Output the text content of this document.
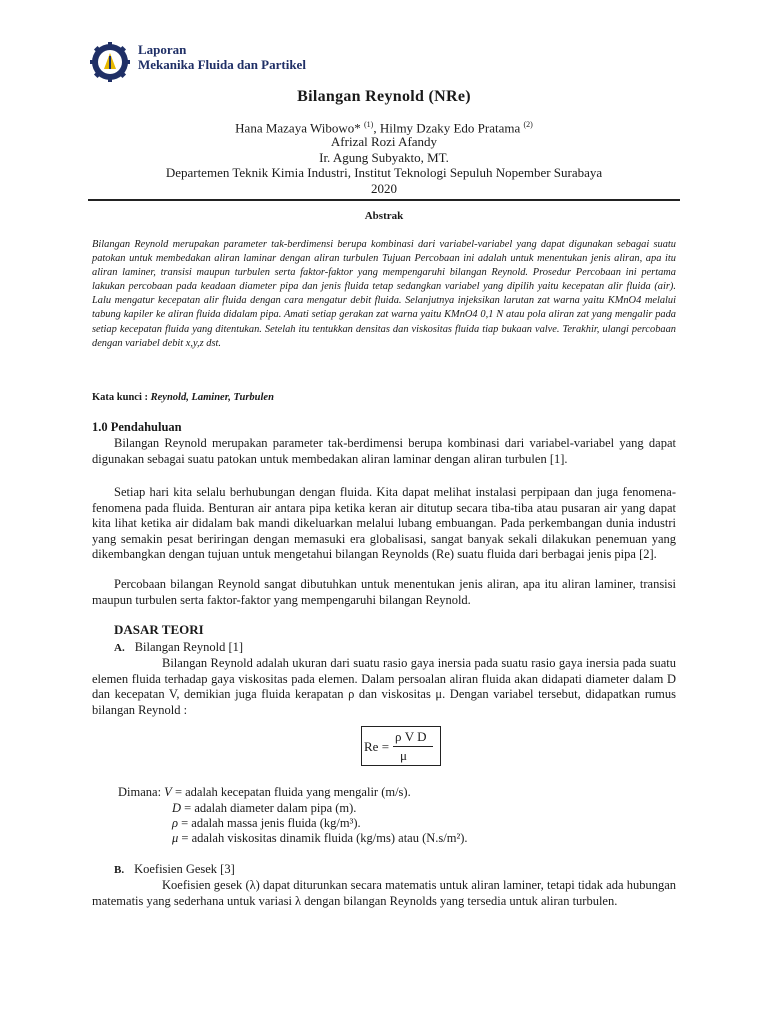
Laporan
Mekanika Fluida dan Partikel
Bilangan Reynold (NRe)
Hana Mazaya Wibowo* $^{(1)}$, Hilmy Dzaky Edo Pratama $^{(2)}$
Afrizal Rozi Afandy
Ir. Agung Subyakto, MT.
Departemen Teknik Kimia Industri, Institut Teknologi Sepuluh Nopember Surabaya
2020
Abstrak
Bilangan Reynold merupakan parameter tak-berdimensi berupa kombinasi dari variabel-variabel yang dapat digunakan sebagai suatu patokan untuk membedakan aliran laminar dengan aliran turbulen Tujuan Percobaan ini adalah untuk menentukan jenis aliran, apa itu aliran laminer, transisi maupun turbulen serta faktor-faktor yang mempengaruhi bilangan Reynold. Prosedur Percobaan ini pertama lakukan percobaan pada keadaan diameter pipa dan jenis fluida tetap sedangkan variabel yang dipilih yaitu kecepatan alir fluida (air). Lalu mengatur kecepatan alir fluida dengan cara mengatur debit fluida. Selanjutnya injeksikan larutan zat warna yaitu KMnO4 melalui tabung kapiler ke aliran fluida didalam pipa. Amati setiap gerakan zat warna yaitu KMnO4 0,1 N atau pola aliran zat yang mengalir pada setiap kecepatan fluida yang ditentukan. Setelah itu tentukkan densitas dan viskositas fluida tiap bukaan valve. Terakhir, ulangi percobaan dengan variabel debit x,y,z dst.
Kata kunci : Reynold, Laminer, Turbulen
1.0 Pendahuluan
Bilangan Reynold merupakan parameter tak-berdimensi berupa kombinasi dari variabel-variabel yang dapat digunakan sebagai suatu patokan untuk membedakan aliran laminar dengan aliran turbulen [1].
Setiap hari kita selalu berhubungan dengan fluida. Kita dapat melihat instalasi perpipaan dan juga fenomena-fenomena pada fluida. Benturan air antara pipa ketika keran air ditutup secara tiba-tiba atau pusaran air yang dapat kita lihat ketika air didalam bak mandi dikeluarkan melalui lubang embuangan. Pada perkembangan dunia industri yang semakin pesat beriringan dengan memasuki era globalisasi, sangat banyak sekali dilakukan penemuan yang dikembangkan dengan tujuan untuk mengetahui bilangan Reynolds (Re) suatu fluida dari berbagai jenis pipa [2].
Percobaan bilangan Reynold sangat dibutuhkan untuk menentukan jenis aliran, apa itu aliran laminer, transisi maupun turbulen serta faktor-faktor yang mempengaruhi bilangan Reynold.
DASAR TEORI
A. Bilangan Reynold [1]
Bilangan Reynold adalah ukuran dari suatu rasio gaya inersia pada suatu rasio gaya inersia pada suatu elemen fluida terhadap gaya viskositas pada elemen. Dalam persoalan aliran fluida akan didapati diameter dalam D dan kecepatan V, demikian juga fluida kerapatan ρ dan viskositas μ. Dengan variabel tersebut, didapatkan rumus bilangan Reynold :
Re =
ρ V D
μ
Dimana: V = adalah kecepatan fluida yang mengalir (m/s).
D = adalah diameter dalam pipa (m).
ρ = adalah massa jenis fluida (kg/m³).
μ = adalah viskositas dinamik fluida (kg/ms) atau (N.s/m²).
B. Koefisien Gesek [3]
Koefisien gesek (λ) dapat diturunkan secara matematis untuk aliran laminer, tetapi tidak ada hubungan matematis yang sederhana untuk variasi λ dengan bilangan Reynolds yang tersedia untuk aliran turbulen.
